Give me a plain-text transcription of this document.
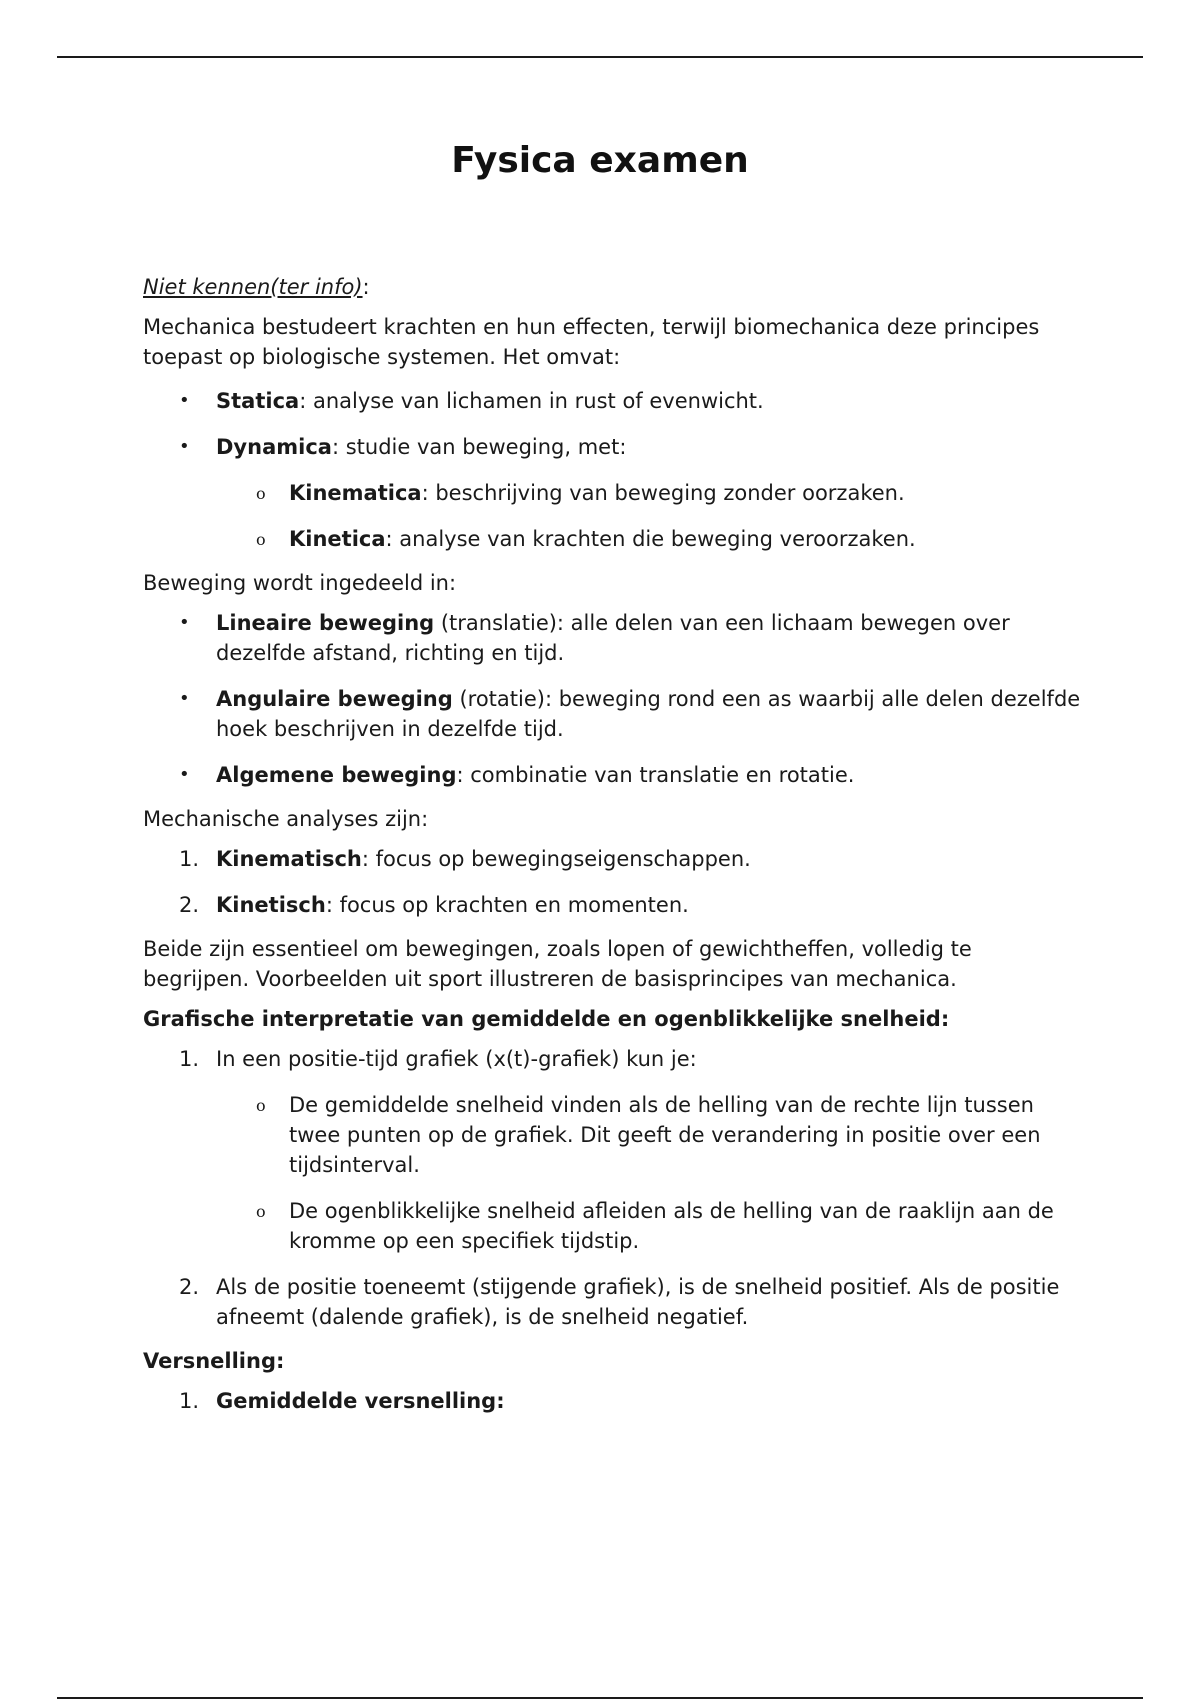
Fysica examen

Niet kennen(ter info):

Mechanica bestudeert krachten en hun effecten, terwijl biomechanica deze principes toepast op biologische systemen. Het omvat:

•	Statica: analyse van lichamen in rust of evenwicht.
•	Dynamica: studie van beweging, met:
o Kinematica: beschrijving van beweging zonder oorzaken.
o Kinetica: analyse van krachten die beweging veroorzaken.

Beweging wordt ingedeeld in:

•	Lineaire beweging (translatie): alle delen van een lichaam bewegen over dezelfde afstand, richting en tijd.
•	Angulaire beweging (rotatie): beweging rond een as waarbij alle delen dezelfde hoek beschrijven in dezelfde tijd.
•	Algemene beweging: combinatie van translatie en rotatie.

Mechanische analyses zijn:

1. Kinematisch: focus op bewegingseigenschappen.
2. Kinetisch: focus op krachten en momenten.

Beide zijn essentieel om bewegingen, zoals lopen of gewichtheffen, volledig te begrijpen. Voorbeelden uit sport illustreren de basisprincipes van mechanica.

Grafische interpretatie van gemiddelde en ogenblikkelijke snelheid:

1. In een positie-tijd grafiek (x(t)-grafiek) kun je:
o De gemiddelde snelheid vinden als de helling van de rechte lijn tussen twee punten op de grafiek. Dit geeft de verandering in positie over een tijdsinterval.
o De ogenblikkelijke snelheid afleiden als de helling van de raaklijn aan de kromme op een specifiek tijdstip.
2. Als de positie toeneemt (stijgende grafiek), is de snelheid positief. Als de positie afneemt (dalende grafiek), is de snelheid negatief.

Versnelling:

1. Gemiddelde versnelling:
